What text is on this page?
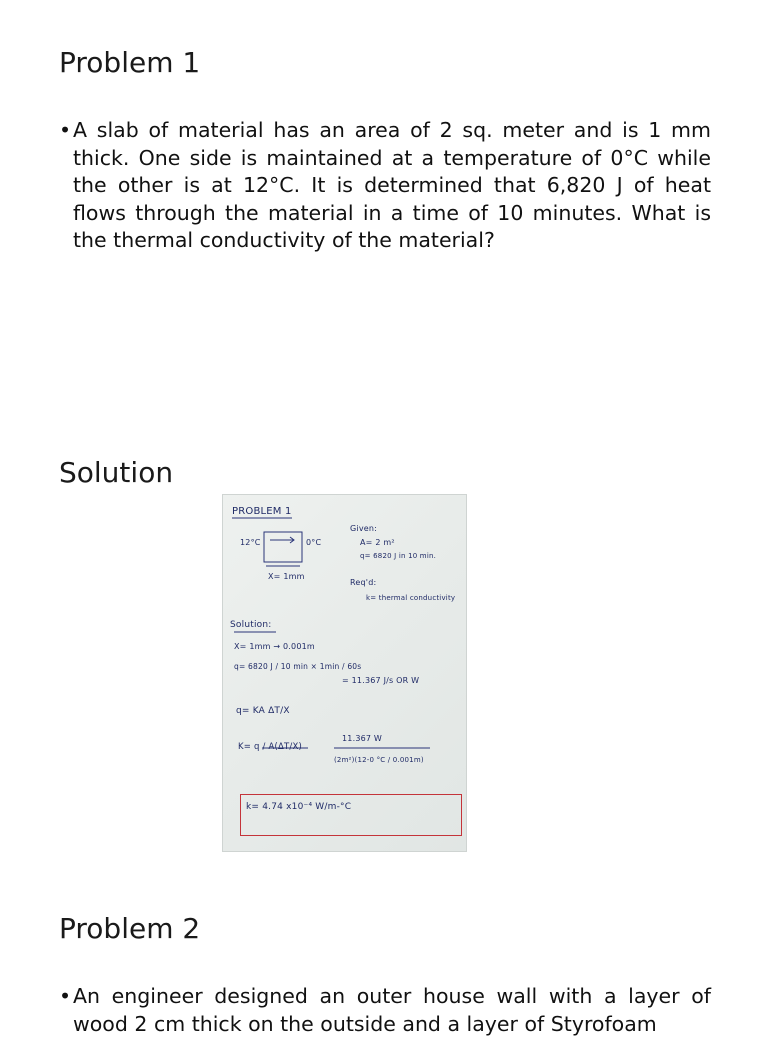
Problem 1

• A slab of material has an area of 2 sq. meter and is 1 mm thick. One side is maintained at a temperature of 0°C while the other is at 12°C. It is determined that 6,820 J of heat flows through the material in a time of 10 minutes. What is the thermal conductivity of the material?

Solution

PROBLEM 1

12°C	0°C

X= 1mm

Given:

A= 2 m²

q= 6820 J in 10 min.

Req'd:

k= thermal conductivity

Solution:

X= 1mm → 0.001m

q= 6820 J / 10 min × 1min / 60s

= 11.367 J/s OR W

q= KA ΔT/X

K= q / A(ΔT/X)

11.367 W

(2m²)(12-0 °C / 0.001m)

k= 4.74 x10⁻⁴ W/m-°C

Problem 2

• An engineer designed an outer house wall with a layer of wood 2 cm thick on the outside and a layer of Styrofoam
